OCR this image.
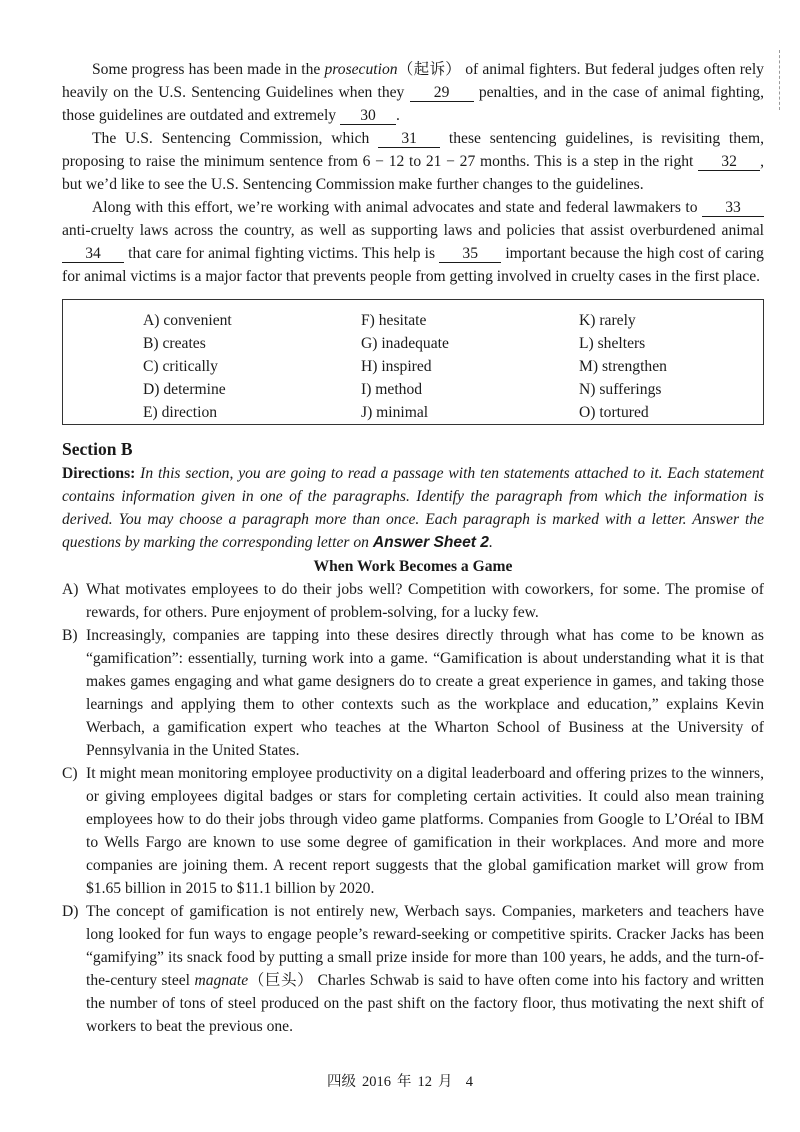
Some progress has been made in the prosecution（起诉） of animal fighters. But federal judges often rely heavily on the U.S. Sentencing Guidelines when they 29 penalties, and in the case of animal fighting, those guidelines are outdated and extremely 30 .

The U.S. Sentencing Commission, which 31 these sentencing guidelines, is revisiting them, proposing to raise the minimum sentence from 6 − 12 to 21 − 27 months. This is a step in the right 32 , but we’d like to see the U.S. Sentencing Commission make further changes to the guidelines.

Along with this effort, we’re working with animal advocates and state and federal lawmakers to 33 anti-cruelty laws across the country, as well as supporting laws and policies that assist overburdened animal 34 that care for animal fighting victims. This help is 35 important because the high cost of caring for animal victims is a major factor that prevents people from getting involved in cruelty cases in the first place.

A) convenient
B) creates
C) critically
D) determine
E) direction
F) hesitate
G) inadequate
H) inspired
I) method
J) minimal
K) rarely
L) shelters
M) strengthen
N) sufferings
O) tortured
Section B

Directions: In this section, you are going to read a passage with ten statements attached to it. Each statement contains information given in one of the paragraphs. Identify the paragraph from which the information is derived. You may choose a paragraph more than once. Each paragraph is marked with a letter. Answer the questions by marking the corresponding letter on Answer Sheet 2.

When Work Becomes a Game
A) What motivates employees to do their jobs well? Competition with coworkers, for some. The promise of rewards, for others. Pure enjoyment of problem-solving, for a lucky few.

B) Increasingly, companies are tapping into these desires directly through what has come to be known as “gamification”: essentially, turning work into a game. “Gamification is about understanding what it is that makes games engaging and what game designers do to create a great experience in games, and taking those learnings and applying them to other contexts such as the workplace and education,” explains Kevin Werbach, a gamification expert who teaches at the Wharton School of Business at the University of Pennsylvania in the United States.

C) It might mean monitoring employee productivity on a digital leaderboard and offering prizes to the winners, or giving employees digital badges or stars for completing certain activities. It could also mean training employees how to do their jobs through video game platforms. Companies from Google to L’Oréal to IBM to Wells Fargo are known to use some degree of gamification in their workplaces. And more and more companies are joining them. A recent report suggests that the global gamification market will grow from $1.65 billion in 2015 to $11.1 billion by 2020.

D) The concept of gamification is not entirely new, Werbach says. Companies, marketers and teachers have long looked for fun ways to engage people’s reward-seeking or competitive spirits. Cracker Jacks has been “gamifying” its snack food by putting a small prize inside for more than 100 years, he adds, and the turn-of-the-century steel magnate（巨头） Charles Schwab is said to have often come into his factory and written the number of tons of steel produced on the past shift on the factory floor, thus motivating the next shift of workers to beat the previous one.

四级 2016 年 12 月 4
